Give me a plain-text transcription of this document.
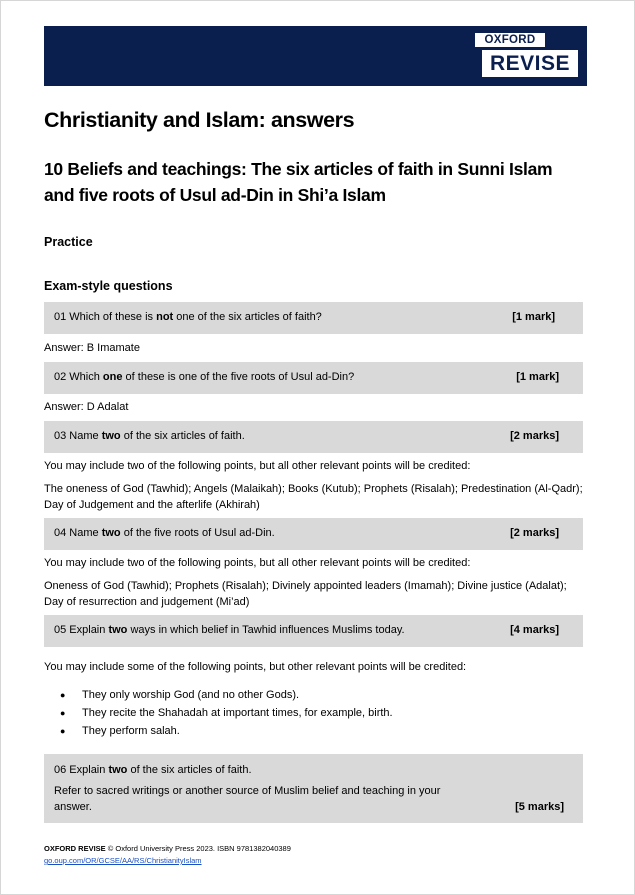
OXFORD
REVISE
Christianity and Islam: answers
10 Beliefs and teachings: The six articles of faith in Sunni Islam and five roots of Usul ad-Din in Shi’a Islam
Practice
Exam-style questions
01 Which of these is not one of the six articles of faith?	[1 mark]
Answer: B Imamate
02 Which one of these is one of the five roots of Usul ad-Din?	[1 mark]
Answer: D Adalat
03 Name two of the six articles of faith.	[2 marks]
You may include two of the following points, but all other relevant points will be credited:
The oneness of God (Tawhid); Angels (Malaikah); Books (Kutub); Prophets (Risalah); Predestination (Al-Qadr); Day of Judgement and the afterlife (Akhirah)
04 Name two of the five roots of Usul ad-Din.	[2 marks]
You may include two of the following points, but all other relevant points will be credited:
Oneness of God (Tawhid); Prophets (Risalah); Divinely appointed leaders (Imamah); Divine justice (Adalat); Day of resurrection and judgement (Mi’ad)
05 Explain two ways in which belief in Tawhid influences Muslims today.	[4 marks]
You may include some of the following points, but other relevant points will be credited:
● They only worship God (and no other Gods).
● They recite the Shahadah at important times, for example, birth.
● They perform salah.
06 Explain two of the six articles of faith.
Refer to sacred writings or another source of Muslim belief and teaching in your
answer.	[5 marks]
OXFORD REVISE © Oxford University Press 2023. ISBN 9781382040389
go.oup.com/OR/GCSE/AA/RS/ChristianityIslam
